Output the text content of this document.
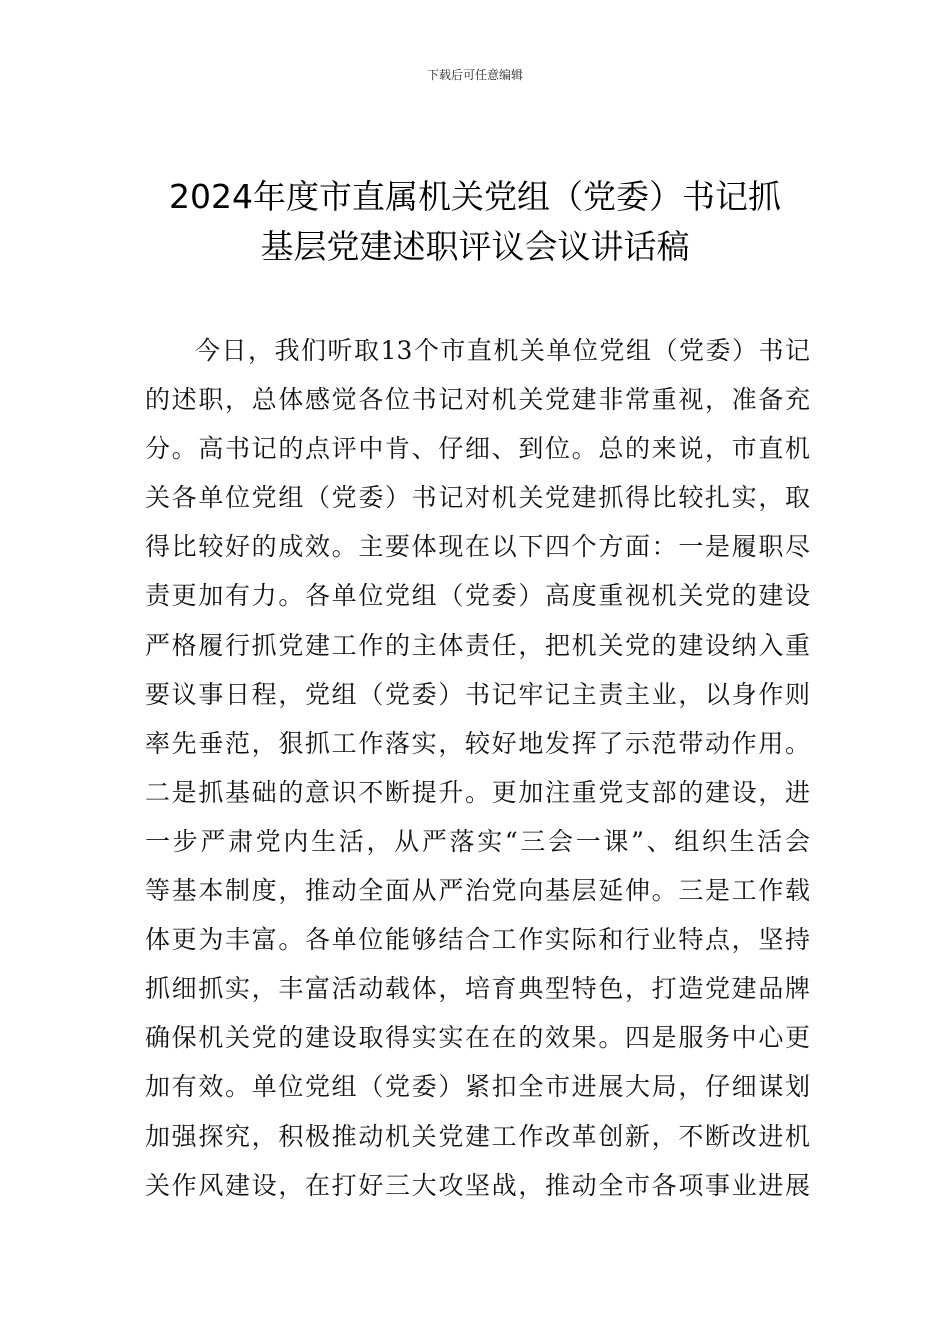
下载后可任意编辑
2024年度市直属机关党组（党委）书记抓
基层党建述职评议会议讲话稿
今日，我们听取13个市直机关单位党组（党委）书记
的述职，总体感觉各位书记对机关党建非常重视，准备充
分。高书记的点评中肯、仔细、到位。总的来说，市直机
关各单位党组（党委）书记对机关党建抓得比较扎实，取
得比较好的成效。主要体现在以下四个方面：一是履职尽
责更加有力。各单位党组（党委）高度重视机关党的建设
严格履行抓党建工作的主体责任，把机关党的建设纳入重
要议事日程，党组（党委）书记牢记主责主业，以身作则
率先垂范，狠抓工作落实，较好地发挥了示范带动作用。
二是抓基础的意识不断提升。更加注重党支部的建设，进
一步严肃党内生活，从严落实“三会一课”、组织生活会
等基本制度，推动全面从严治党向基层延伸。三是工作载
体更为丰富。各单位能够结合工作实际和行业特点，坚持
抓细抓实，丰富活动载体，培育典型特色，打造党建品牌
确保机关党的建设取得实实在在的效果。四是服务中心更
加有效。单位党组（党委）紧扣全市进展大局，仔细谋划
加强探究，积极推动机关党建工作改革创新，不断改进机
关作风建设，在打好三大攻坚战，推动全市各项事业进展
